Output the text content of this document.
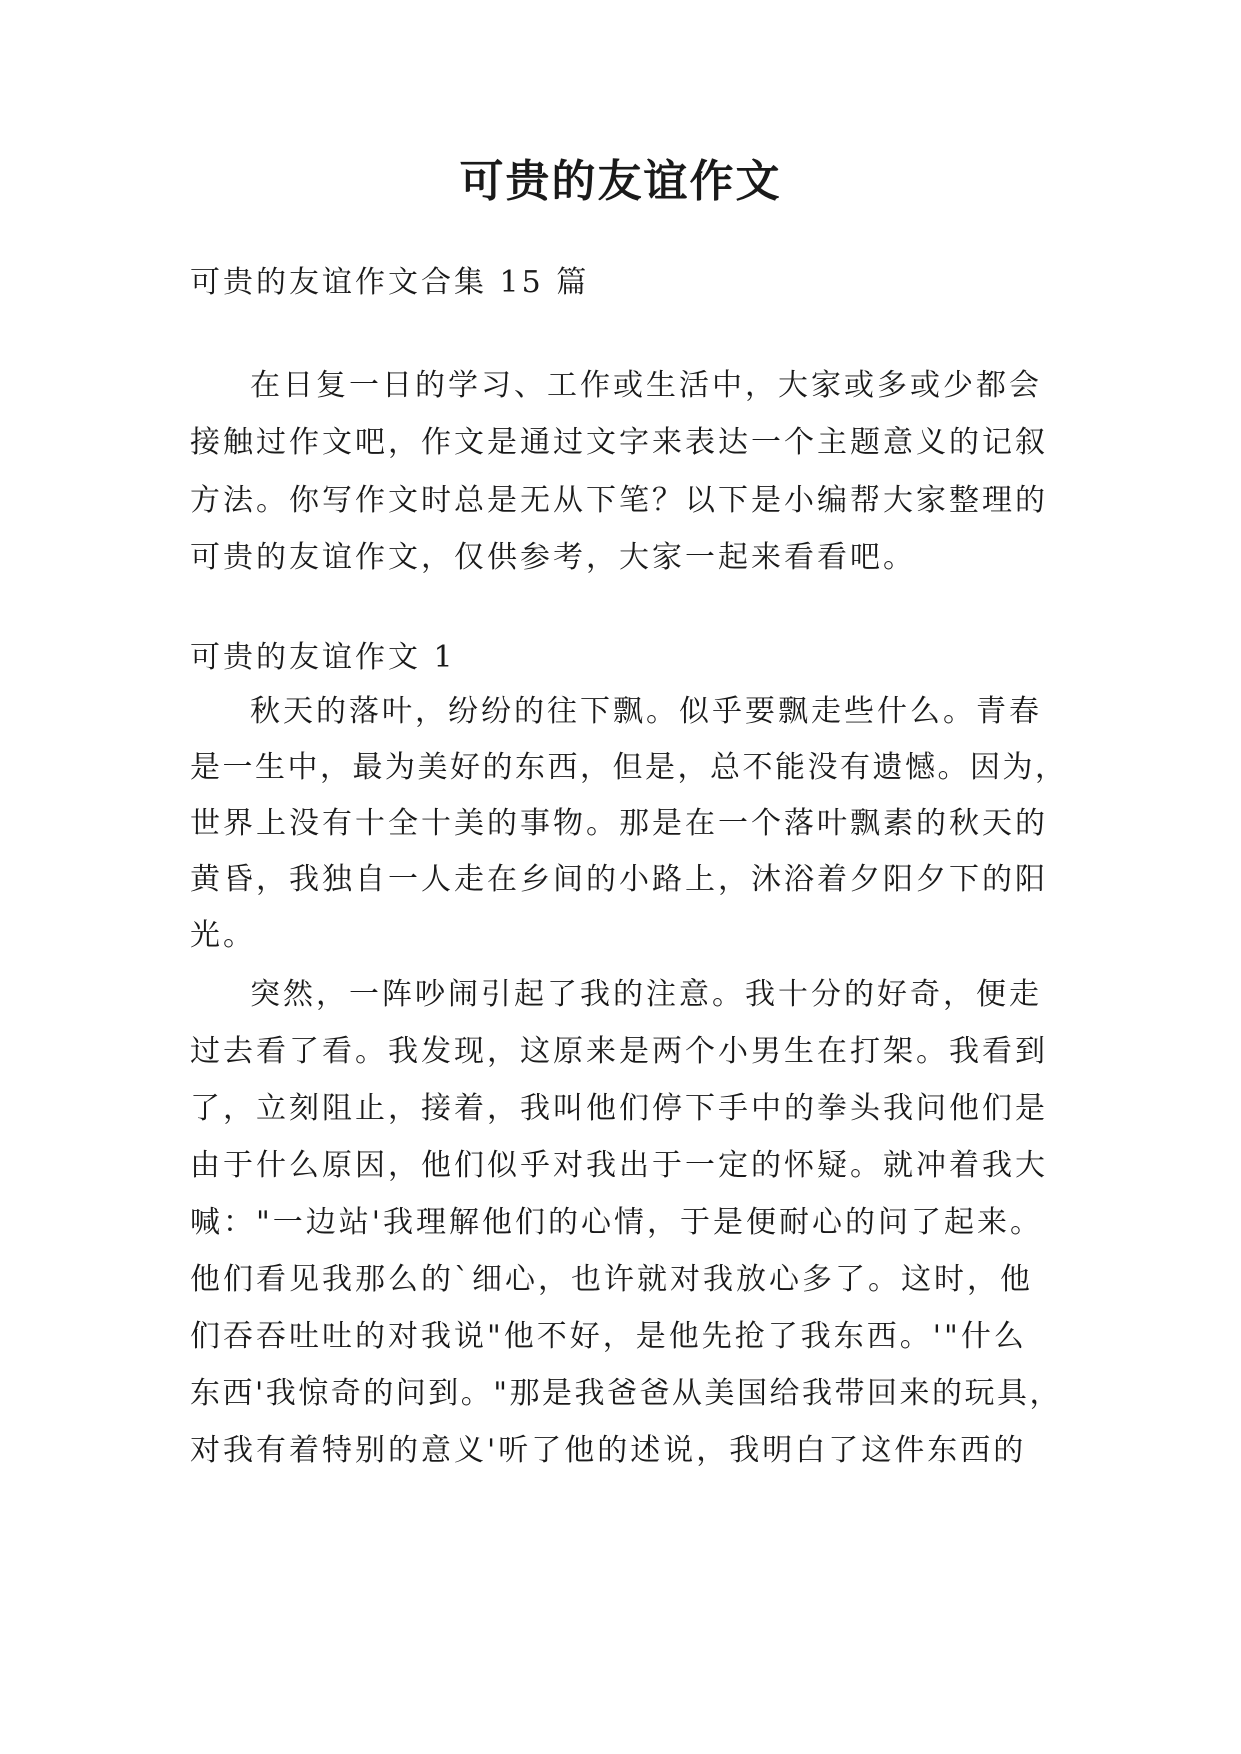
可贵的友谊作文
可贵的友谊作文合集 15 篇
在日复一日的学习、工作或生活中，大家或多或少都会
接触过作文吧，作文是通过文字来表达一个主题意义的记叙
方法。你写作文时总是无从下笔？以下是小编帮大家整理的
可贵的友谊作文，仅供参考，大家一起来看看吧。
可贵的友谊作文 1
秋天的落叶，纷纷的往下飘。似乎要飘走些什么。青春
是一生中，最为美好的东西，但是，总不能没有遗憾。因为，
世界上没有十全十美的事物。那是在一个落叶飘素的秋天的
黄昏，我独自一人走在乡间的小路上，沐浴着夕阳夕下的阳
光。
突然，一阵吵闹引起了我的注意。我十分的好奇，便走
过去看了看。我发现，这原来是两个小男生在打架。我看到
了，立刻阻止，接着，我叫他们停下手中的拳头我问他们是
由于什么原因，他们似乎对我出于一定的怀疑。就冲着我大
喊："一边站'我理解他们的心情，于是便耐心的问了起来。
他们看见我那么的`细心，也许就对我放心多了。这时，他
们吞吞吐吐的对我说"他不好，是他先抢了我东西。'"什么
东西'我惊奇的问到。"那是我爸爸从美国给我带回来的玩具，
对我有着特别的意义'听了他的述说，我明白了这件东西的
